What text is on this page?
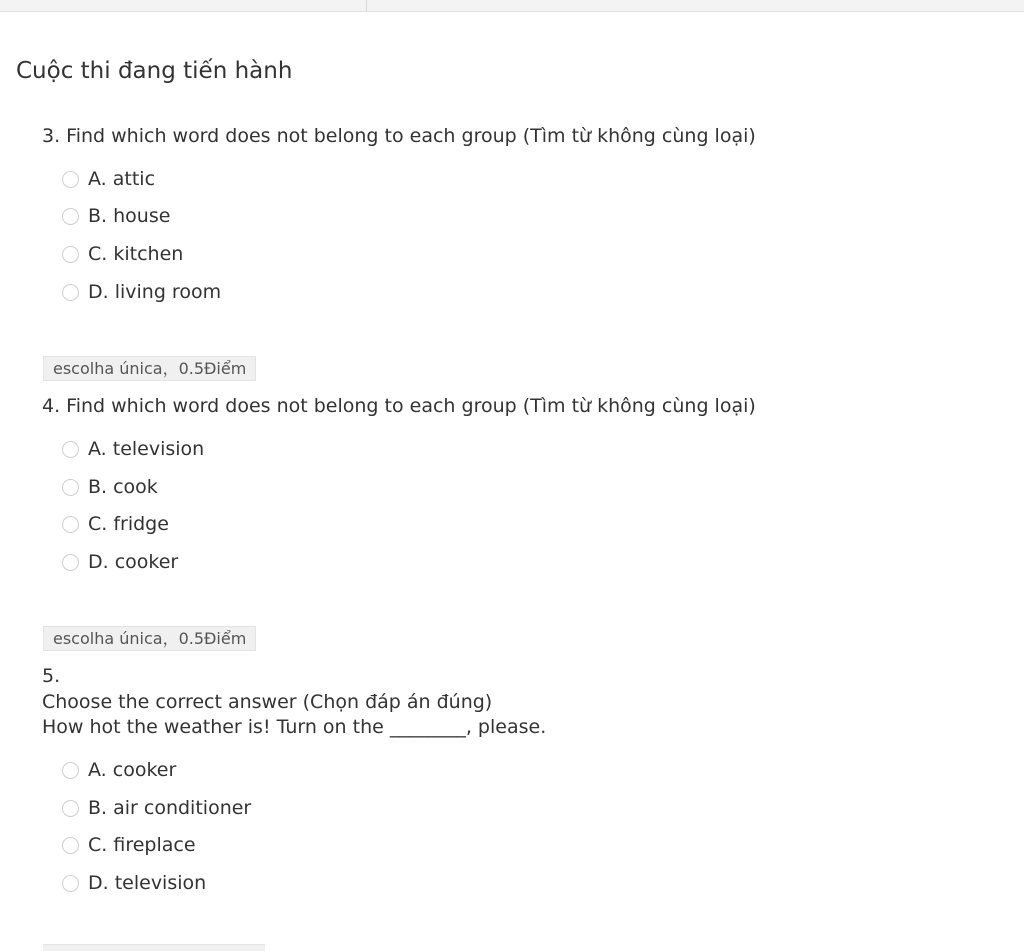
Cuộc thi đang tiến hành
3. Find which word does not belong to each group (Tìm từ không cùng loại)
A. attic
B. house
C. kitchen
D. living room
escolha única，0.5Điểm
4. Find which word does not belong to each group (Tìm từ không cùng loại)
A. television
B. cook
C. fridge
D. cooker
escolha única，0.5Điểm
5.
Choose the correct answer (Chọn đáp án đúng)
How hot the weather is! Turn on the ________, please.
A. cooker
B. air conditioner
C. fireplace
D. television
